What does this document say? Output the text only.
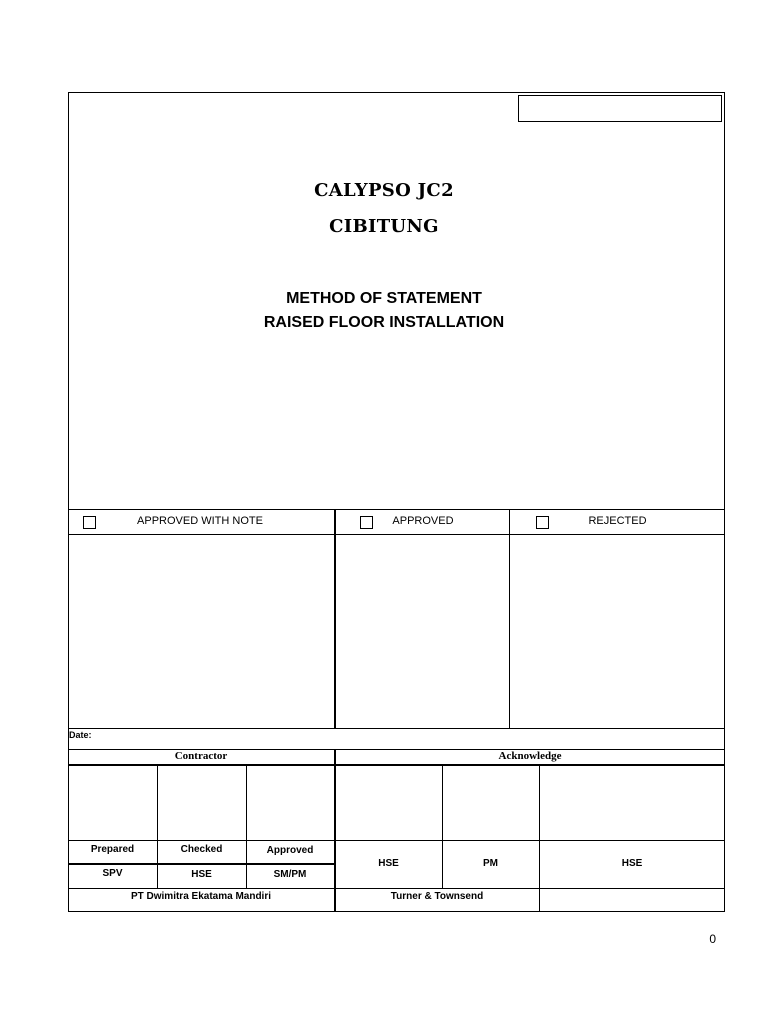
CALYPSO JC2
CIBITUNG
METHOD OF STATEMENT
RAISED FLOOR INSTALLATION
APPROVED WITH NOTE	APPROVED	REJECTED
Date:
Contractor	Acknowledge
Prepared	Checked	Approved
SPV	HSE	SM/PM
HSE	PM	HSE
PT Dwimitra Ekatama Mandiri	Turner & Townsend
0
